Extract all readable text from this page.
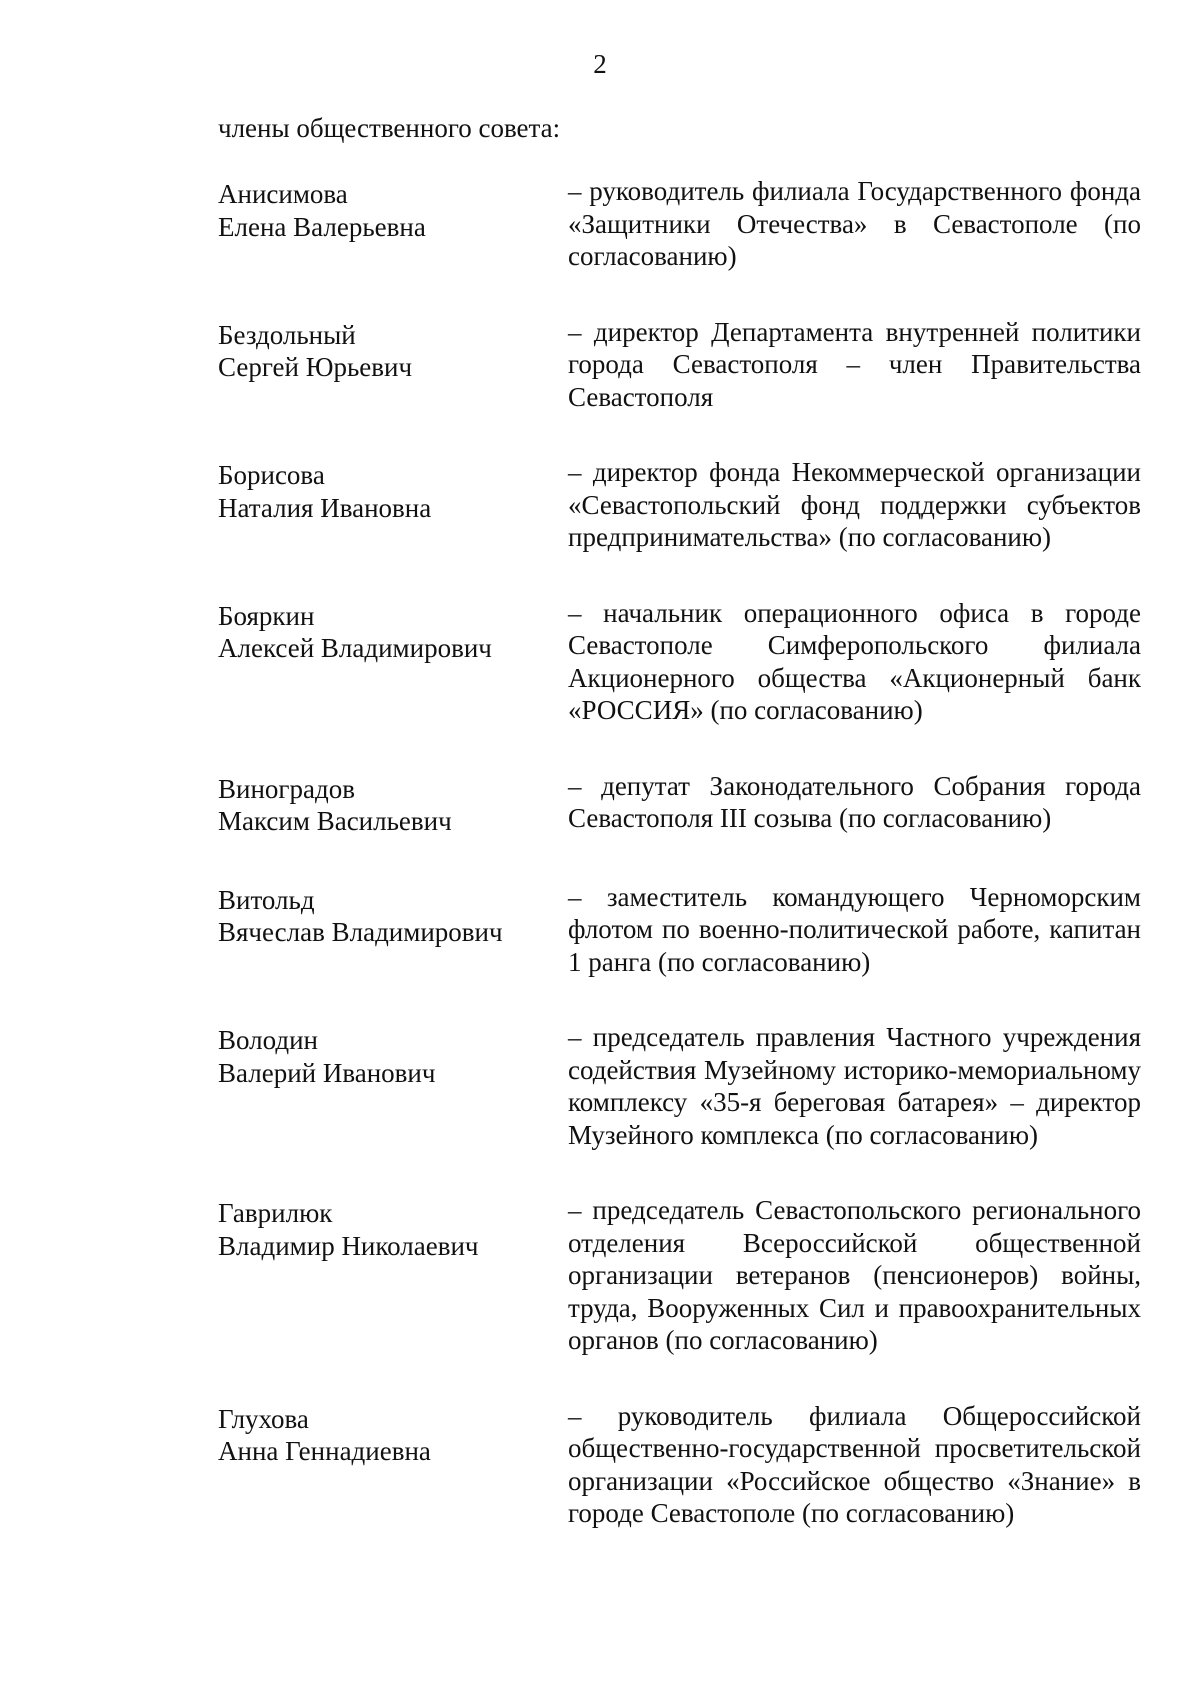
2
члены общественного совета:
Анисимова
Елена Валерьевна
– руководитель филиала Государственного фонда «Защитники Отечества» в Севастополе (по согласованию)
Бездольный
Сергей Юрьевич
– директор Департамента внутренней политики города Севастополя – член Правительства Севастополя
Борисова
Наталия Ивановна
– директор фонда Некоммерческой организации «Севастопольский фонд поддержки субъектов предпринимательства» (по согласованию)
Бояркин
Алексей Владимирович
– начальник операционного офиса в городе Севастополе Симферопольского филиала Акционерного общества «Акционерный банк «РОССИЯ» (по согласованию)
Виноградов
Максим Васильевич
– депутат Законодательного Собрания города Севастополя III созыва (по согласованию)
Витольд
Вячеслав Владимирович
– заместитель командующего Черноморским флотом по военно-политической работе, капитан 1 ранга (по согласованию)
Володин
Валерий Иванович
– председатель правления Частного учреждения содействия Музейному историко-мемориальному комплексу «35-я береговая батарея» – директор Музейного комплекса (по согласованию)
Гаврилюк
Владимир Николаевич
– председатель Севастопольского регионального отделения Всероссийской общественной организации ветеранов (пенсионеров) войны, труда, Вооруженных Сил и правоохранительных органов (по согласованию)
Глухова
Анна Геннадиевна
– руководитель филиала Общероссийской общественно-государственной просветительской организации «Российское общество «Знание» в городе Севастополе (по согласованию)
